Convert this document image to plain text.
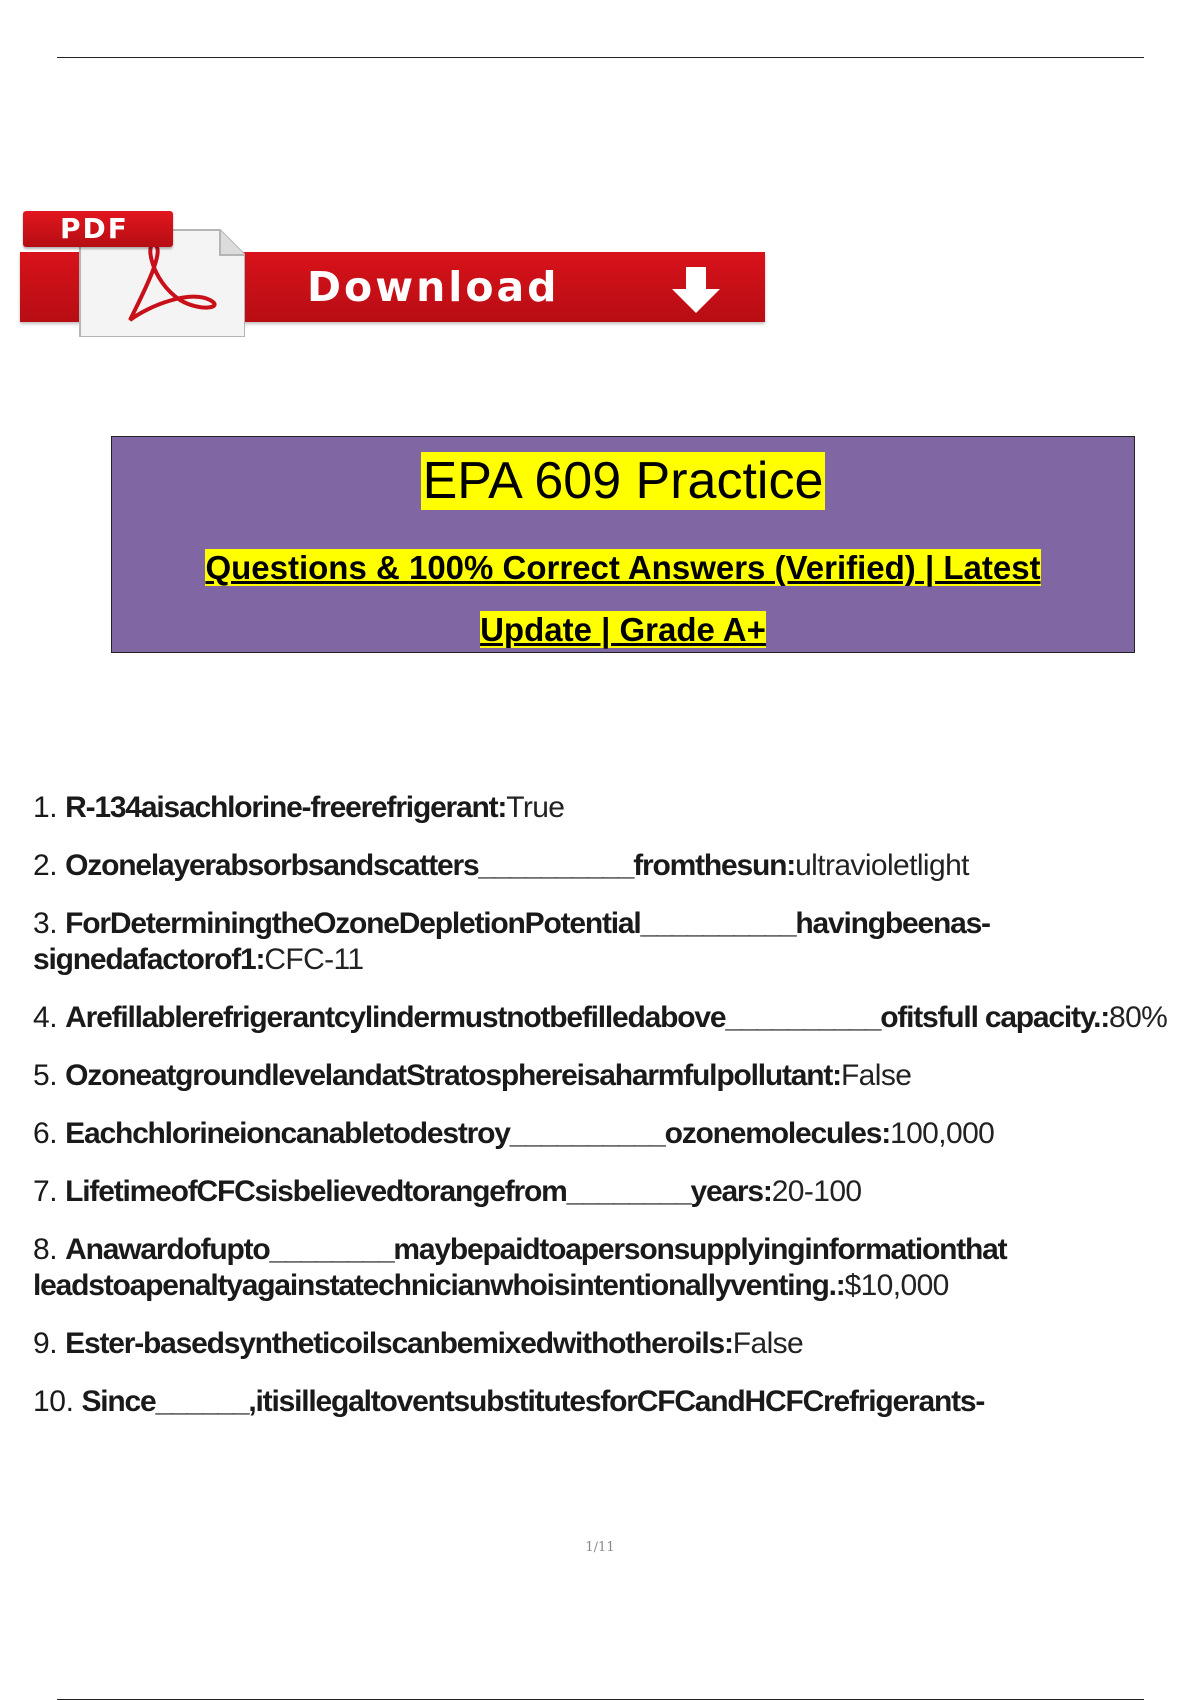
PDF
Download
EPA 609 Practice
Questions & 100% Correct Answers (Verified) | Latest
Update | Grade A+
1. R-134aisachlorine-freerefrigerant:True
2. Ozonelayerabsorbsandscatters__________fromthesun:ultravioletlight
3. ForDeterminingtheOzoneDepletionPotential__________havingbeenas- signedafactorof1:CFC-11
4. Arefillablerefrigerantcylindermustnotbefilledabove__________ofitsfull capacity.:80%
5. OzoneatgroundlevelandatStratosphereisaharmfulpollutant:False
6. Eachchlorineioncanabletodestroy__________ozonemolecules:100,000
7. LifetimeofCFCsisbelievedtorangefrom________years:20-100
8. Anawardofupto________maybepaidtoapersonsupplyinginformationthat leadstoapenaltyagainstatechnicianwhoisintentionallyventing.:$10,000
9. Ester-basedsyntheticoilscanbemixedwithotheroils:False
10. Since______,itisillegaltoventsubstitutesforCFCandHCFCrefrigerants-
1/11
